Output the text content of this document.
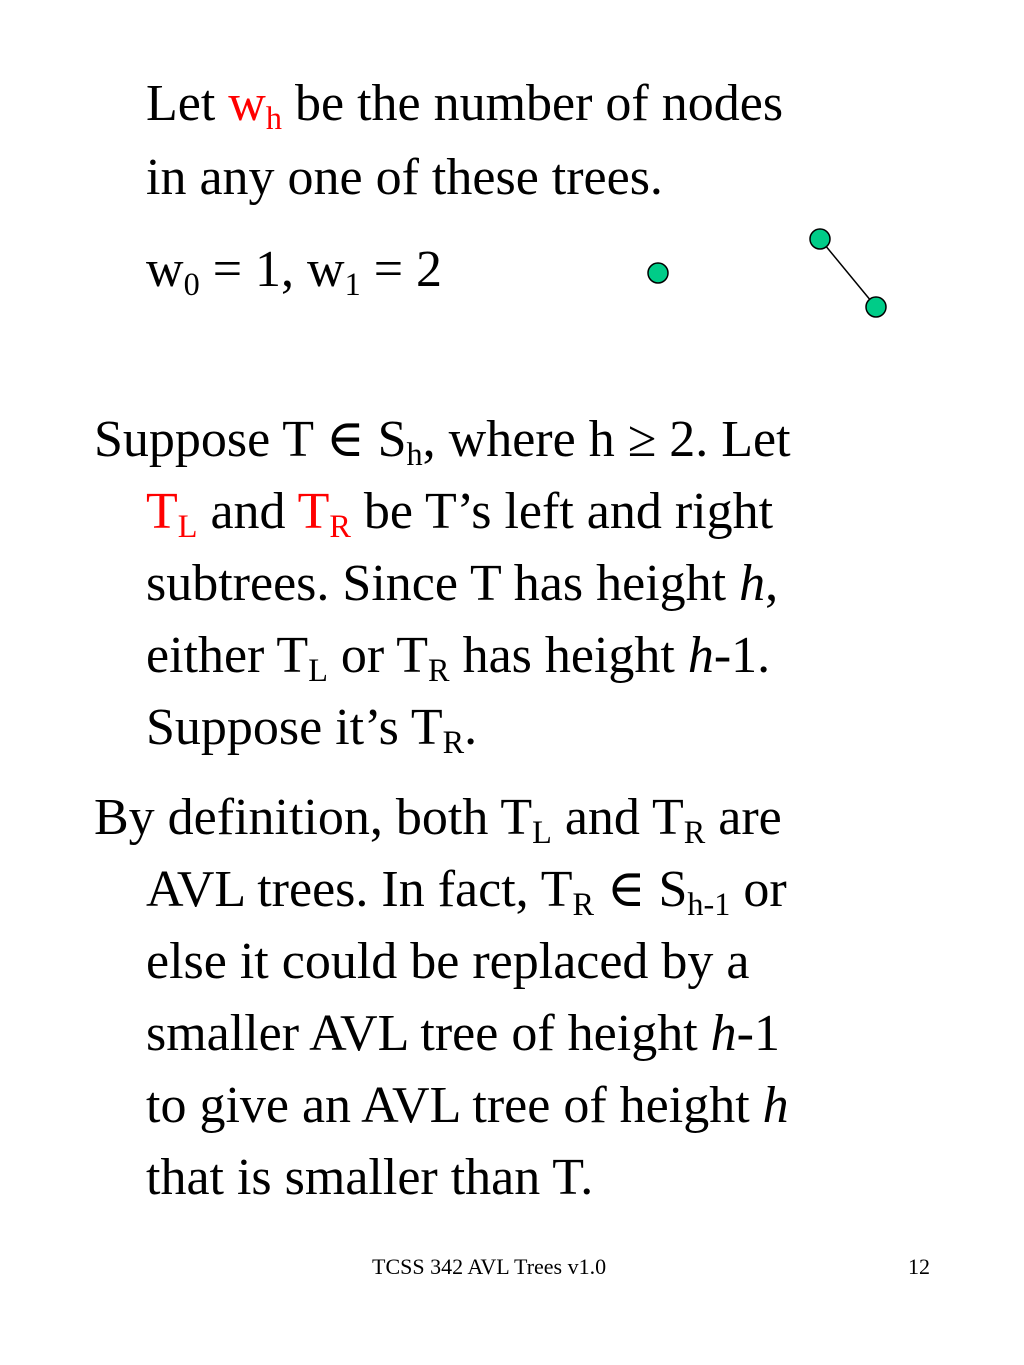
Let $w_h$ be the number of nodes
in any one of these trees.
$w_0 = 1$, $w_1 = 2$
Suppose T ∈ $S_h$, where h ≥ 2. Let
$T_L$ and $T_R$ be T’s left and right
subtrees. Since T has height h,
either $T_L$ or $T_R$ has height h-1.
Suppose it’s $T_R$.
By definition, both $T_L$ and $T_R$ are
AVL trees. In fact, $T_R$ ∈ $S_{h-1}$ or
else it could be replaced by a
smaller AVL tree of height h-1
to give an AVL tree of height h
that is smaller than T.
TCSS 342 AVL Trees v1.0	12
